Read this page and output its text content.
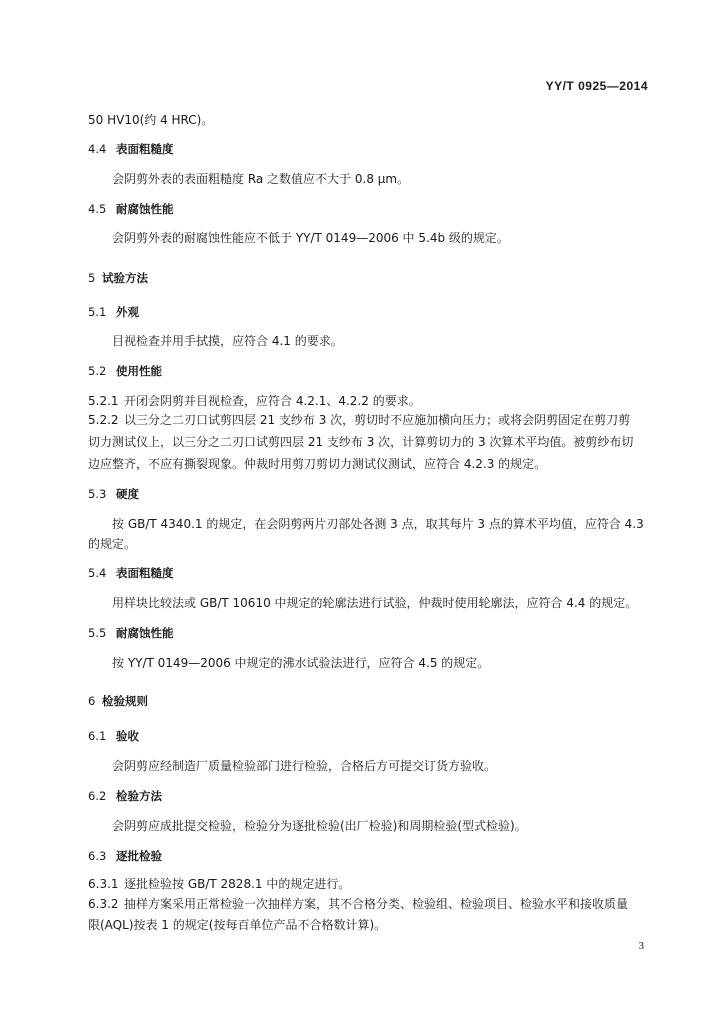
YY/T 0925—2014
50 HV10(约 4 HRC)。
4.4 表面粗糙度
会阴剪外表的表面粗糙度 Ra 之数值应不大于 0.8 μm。
4.5 耐腐蚀性能
会阴剪外表的耐腐蚀性能应不低于 YY/T 0149—2006 中 5.4b 级的规定。
5 试验方法
5.1 外观
目视检查并用手拭摸，应符合 4.1 的要求。
5.2 使用性能
5.2.1 开闭会阴剪并目视检查，应符合 4.2.1、4.2.2 的要求。
5.2.2 以三分之二刃口试剪四层 21 支纱布 3 次，剪切时不应施加横向压力；或将会阴剪固定在剪刀剪
切力测试仪上，以三分之二刃口试剪四层 21 支纱布 3 次，计算剪切力的 3 次算术平均值。被剪纱布切
边应整齐，不应有撕裂现象。仲裁时用剪刀剪切力测试仪测试，应符合 4.2.3 的规定。
5.3 硬度
按 GB/T 4340.1 的规定，在会阴剪两片刃部处各测 3 点，取其每片 3 点的算术平均值，应符合 4.3
的规定。
5.4 表面粗糙度
用样块比较法或 GB/T 10610 中规定的轮廓法进行试验，仲裁时使用轮廓法，应符合 4.4 的规定。
5.5 耐腐蚀性能
按 YY/T 0149—2006 中规定的沸水试验法进行，应符合 4.5 的规定。
6 检验规则
6.1 验收
会阴剪应经制造厂质量检验部门进行检验，合格后方可提交订货方验收。
6.2 检验方法
会阴剪应成批提交检验，检验分为逐批检验(出厂检验)和周期检验(型式检验)。
6.3 逐批检验
6.3.1 逐批检验按 GB/T 2828.1 中的规定进行。
6.3.2 抽样方案采用正常检验一次抽样方案，其不合格分类、检验组、检验项目、检验水平和接收质量
限(AQL)按表 1 的规定(按每百单位产品不合格数计算)。
3
